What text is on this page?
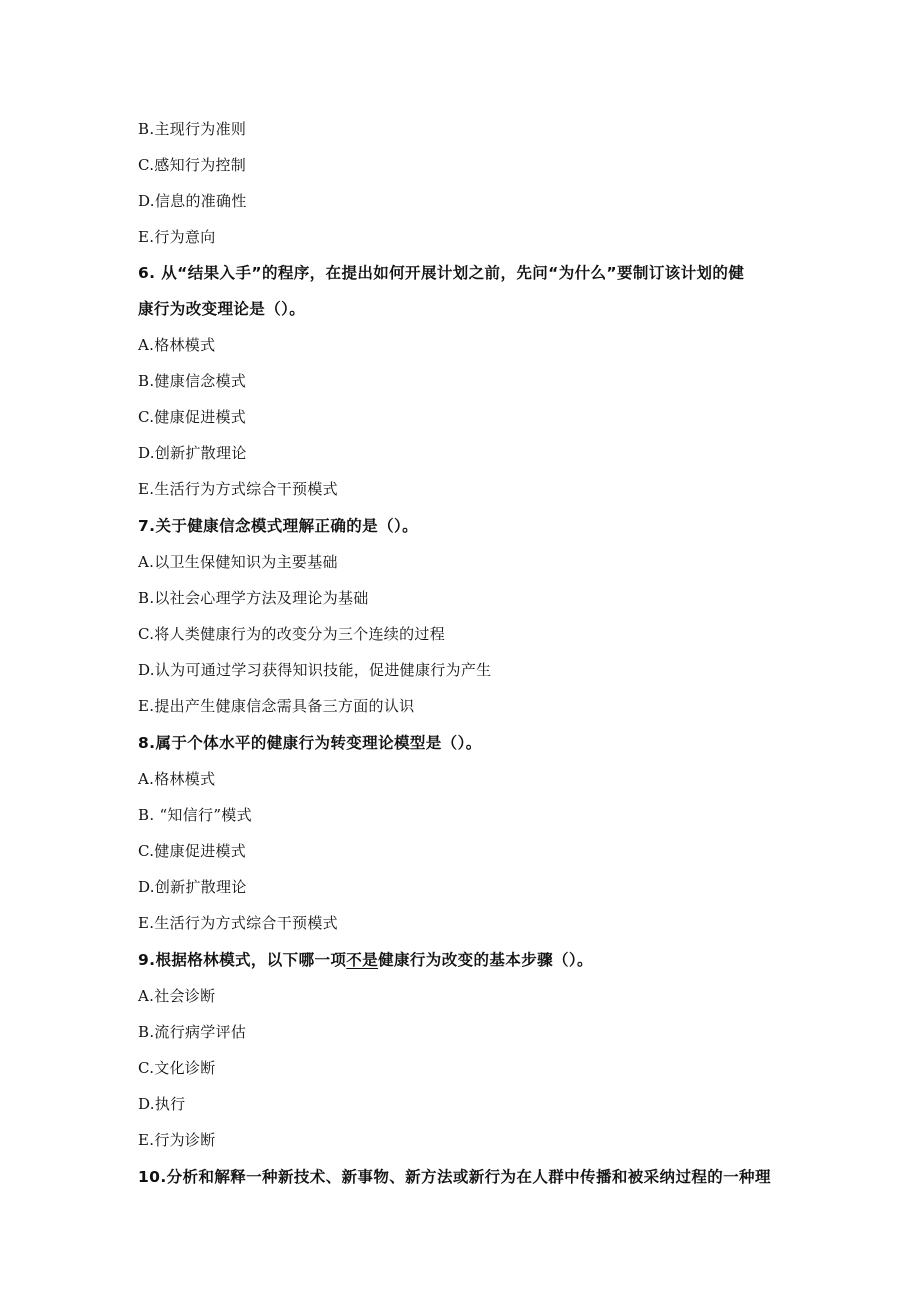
B.主现行为准则
C.感知行为控制
D.信息的准确性
E.行为意向
6. 从“结果入手”的程序，在提出如何开展计划之前，先问“为什么”要制订该计划的健
康行为改变理论是（）。
A.格林模式
B.健康信念模式
C.健康促进模式
D.创新扩散理论
E.生活行为方式综合干预模式
7.关于健康信念模式理解正确的是（）。
A.以卫生保健知识为主要基础
B.以社会心理学方法及理论为基础
C.将人类健康行为的改变分为三个连续的过程
D.认为可通过学习获得知识技能，促进健康行为产生
E.提出产生健康信念需具备三方面的认识
8.属于个体水平的健康行为转变理论模型是（）。
A.格林模式
B. “知信行”模式
C.健康促进模式
D.创新扩散理论
E.生活行为方式综合干预模式
9.根据格林模式，以下哪一项不是健康行为改变的基本步骤（）。
A.社会诊断
B.流行病学评估
C.文化诊断
D.执行
E.行为诊断
10.分析和解释一种新技术、新事物、新方法或新行为在人群中传播和被采纳过程的一种理
